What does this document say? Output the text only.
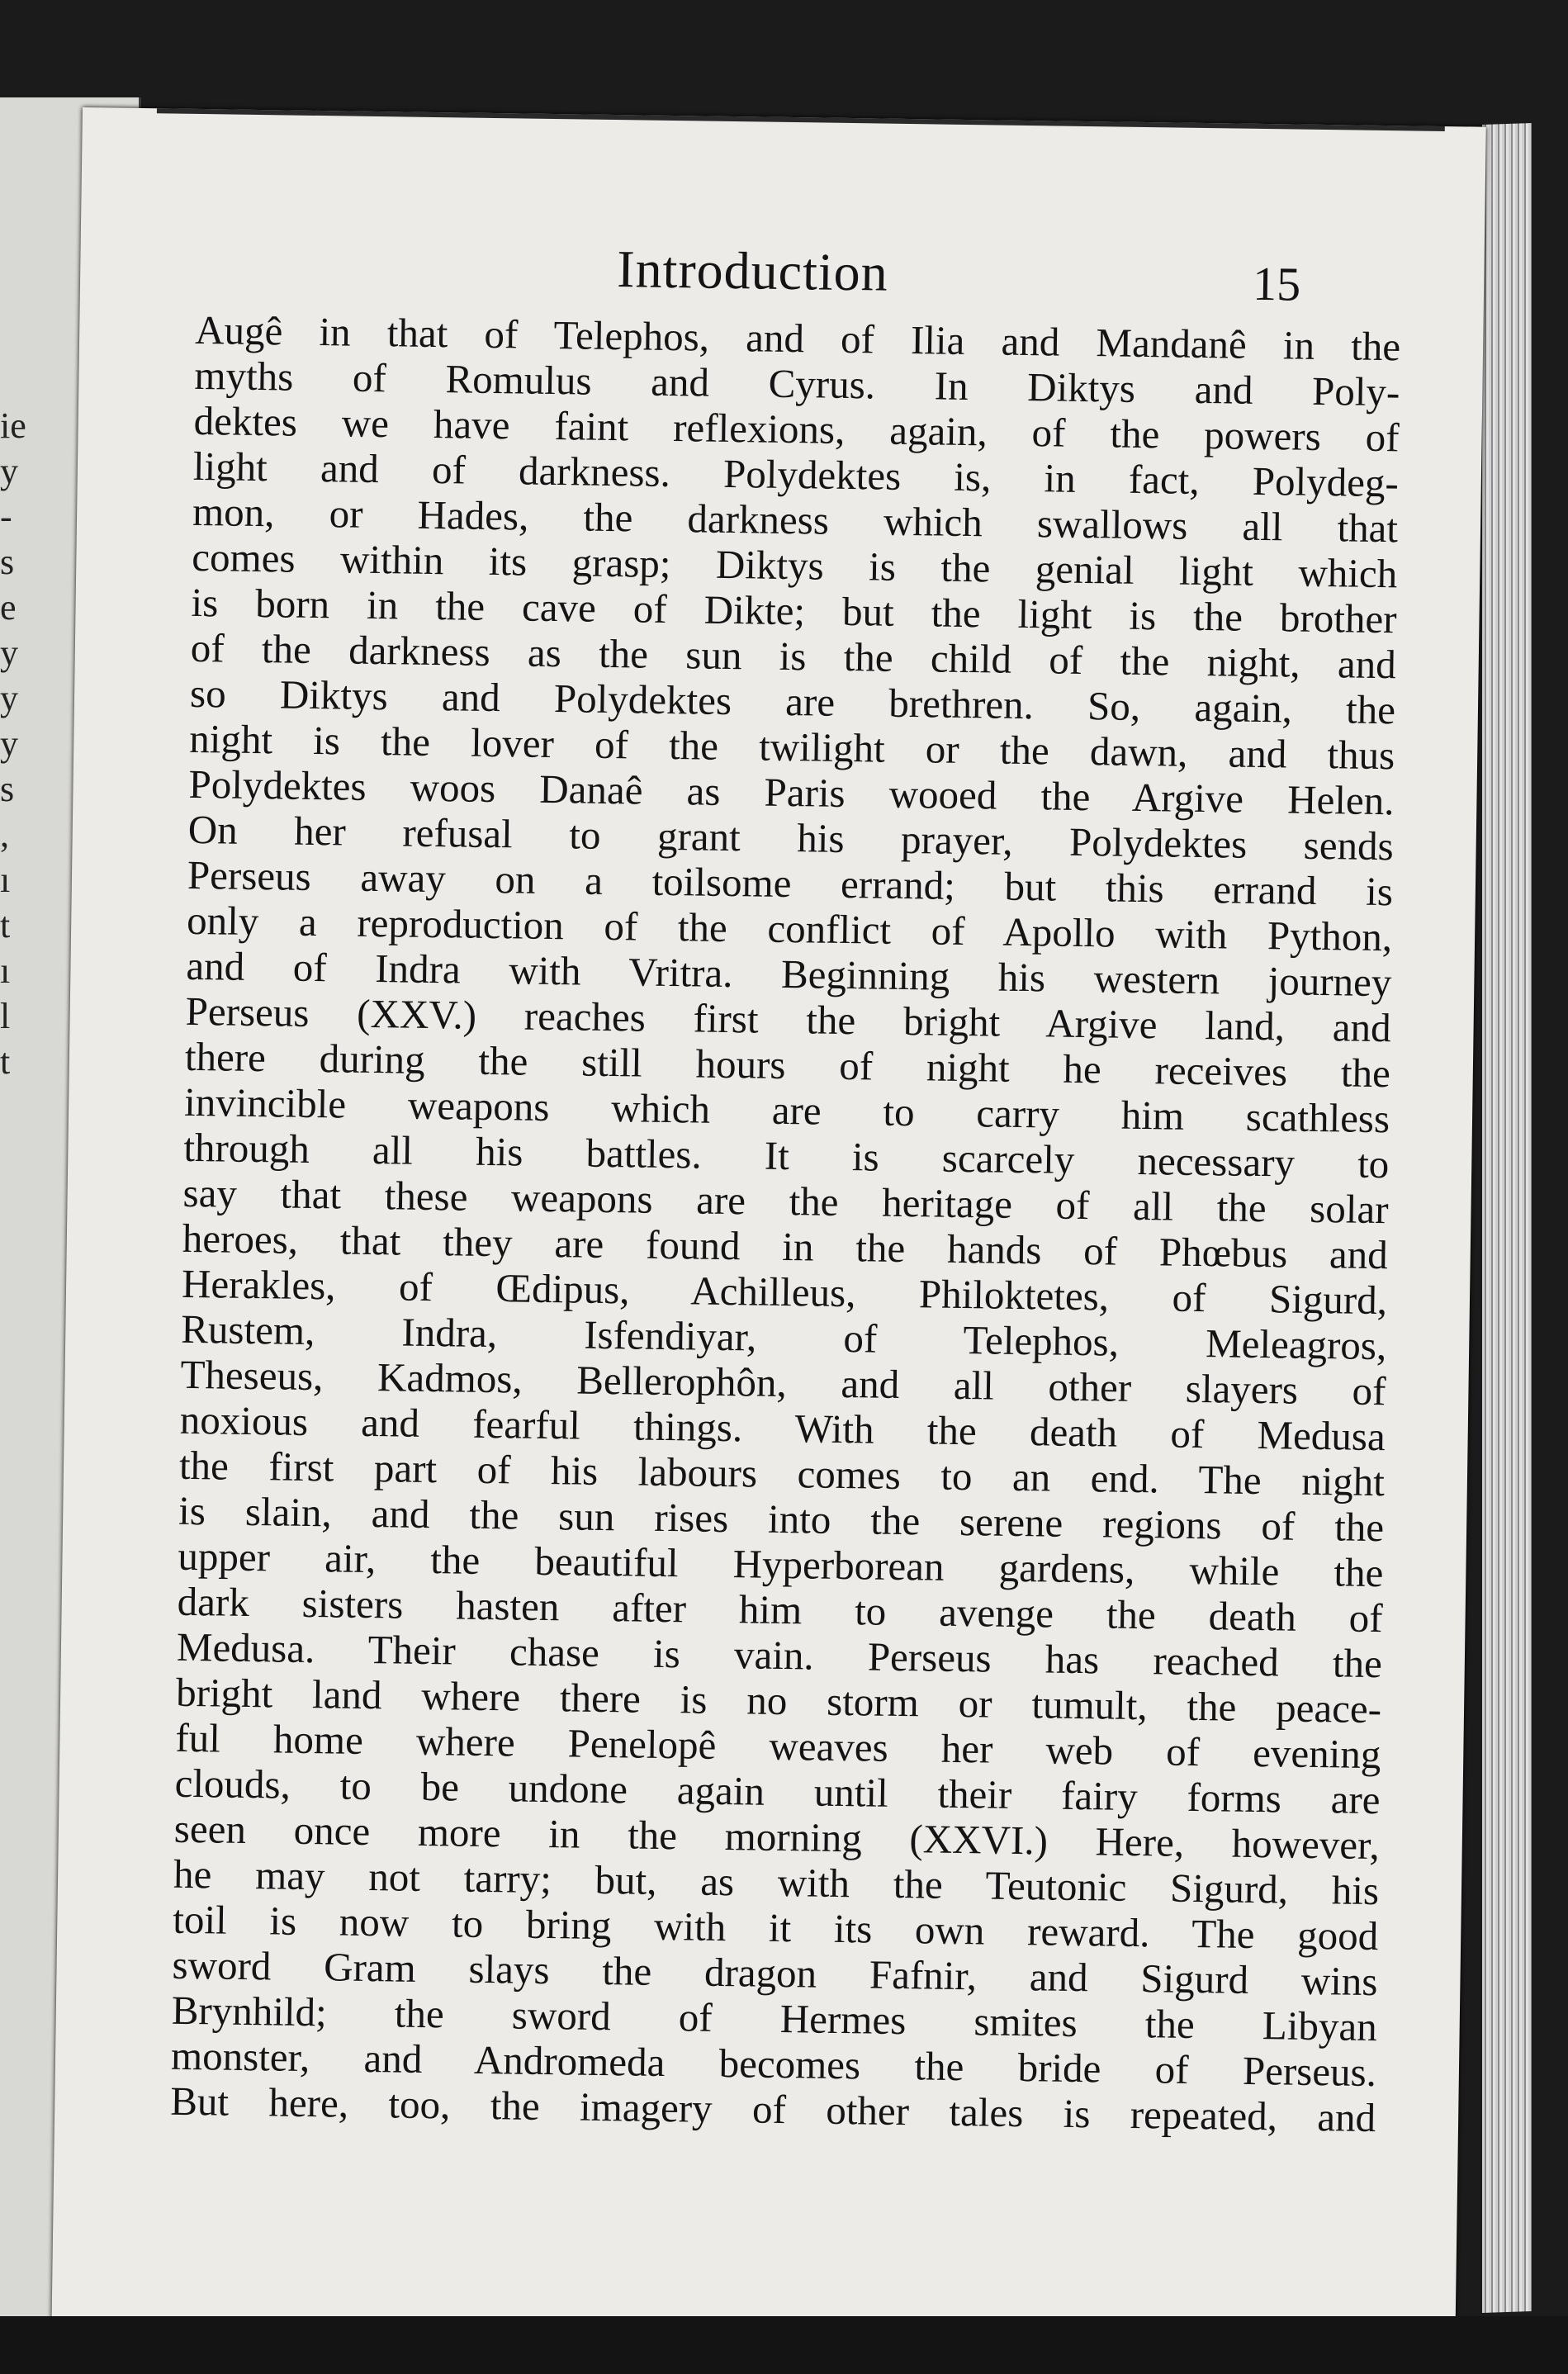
ie
y
-
s
e
y
y
y
s
,
ı
t
ı
l
t
Introduction	15
Augê in that of Telephos, and of Ilia and Mandanê in the
myths of Romulus and Cyrus. In Diktys and Poly-
dektes we have faint reflexions, again, of the powers of
light and of darkness. Polydektes is, in fact, Polydeg-
mon, or Hades, the darkness which swallows all that
comes within its grasp; Diktys is the genial light which
is born in the cave of Dikte; but the light is the brother
of the darkness as the sun is the child of the night, and
so Diktys and Polydektes are brethren. So, again, the
night is the lover of the twilight or the dawn, and thus
Polydektes woos Danaê as Paris wooed the Argive Helen.
On her refusal to grant his prayer, Polydektes sends
Perseus away on a toilsome errand; but this errand is
only a reproduction of the conflict of Apollo with Python,
and of Indra with Vritra. Beginning his western journey
Perseus (XXV.) reaches first the bright Argive land, and
there during the still hours of night he receives the
invincible weapons which are to carry him scathless
through all his battles. It is scarcely necessary to
say that these weapons are the heritage of all the solar
heroes, that they are found in the hands of Phœbus and
Herakles, of Œdipus, Achilleus, Philoktetes, of Sigurd,
Rustem, Indra, Isfendiyar, of Telephos, Meleagros,
Theseus, Kadmos, Bellerophôn, and all other slayers of
noxious and fearful things. With the death of Medusa
the first part of his labours comes to an end. The night
is slain, and the sun rises into the serene regions of the
upper air, the beautiful Hyperborean gardens, while the
dark sisters hasten after him to avenge the death of
Medusa. Their chase is vain. Perseus has reached the
bright land where there is no storm or tumult, the peace-
ful home where Penelopê weaves her web of evening
clouds, to be undone again until their fairy forms are
seen once more in the morning (XXVI.) Here, however,
he may not tarry; but, as with the Teutonic Sigurd, his
toil is now to bring with it its own reward. The good
sword Gram slays the dragon Fafnir, and Sigurd wins
Brynhild; the sword of Hermes smites the Libyan
monster, and Andromeda becomes the bride of Perseus.
But here, too, the imagery of other tales is repeated, and
